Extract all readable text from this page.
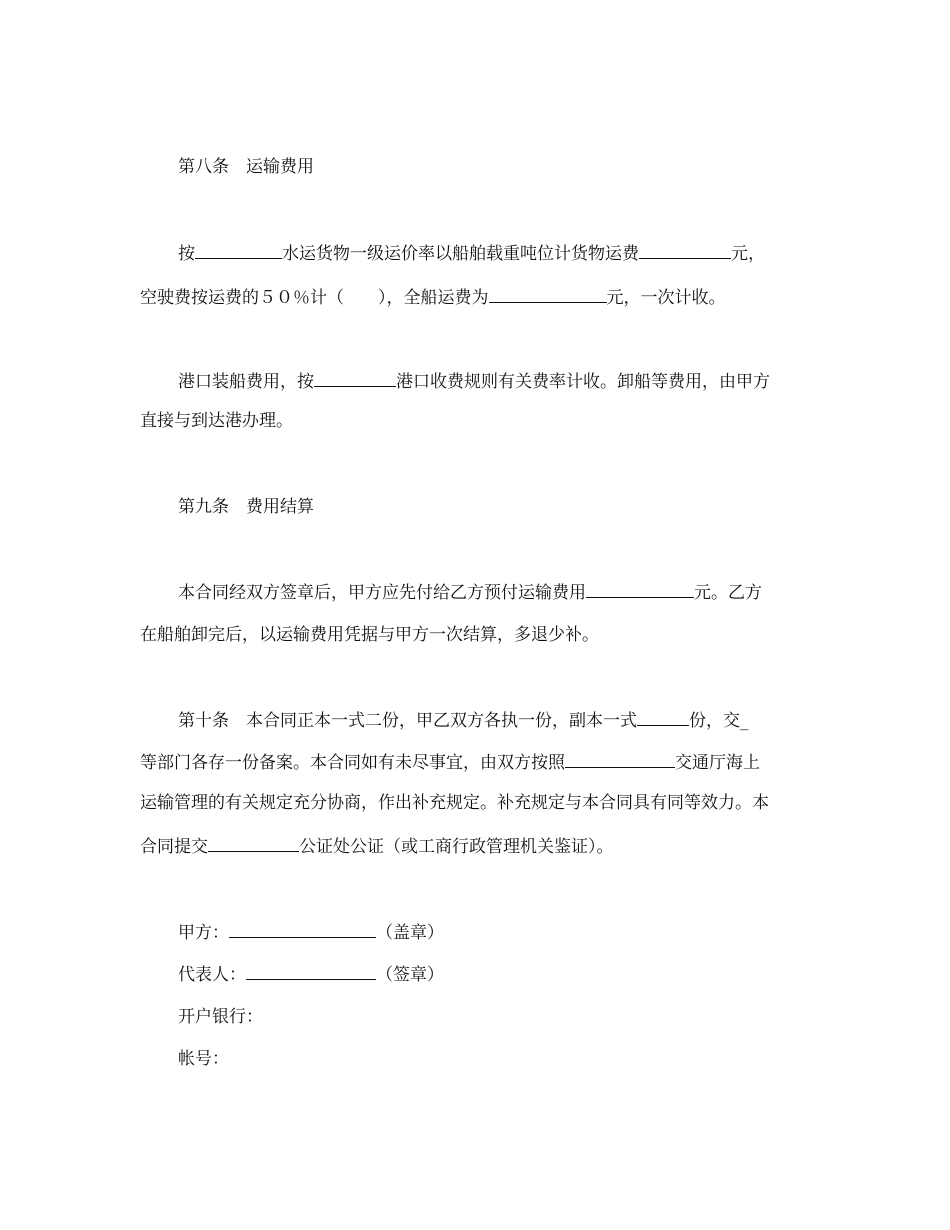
第八条　运输费用
按	水运货物一级运价率以船舶载重吨位计货物运费	元，
空驶费按运费的５０％计（　　），全船运费为	元，一次计收。
港口装船费用，按	港口收费规则有关费率计收。卸船等费用，由甲方
直接与到达港办理。
第九条　费用结算
本合同经双方签章后，甲方应先付给乙方预付运输费用	元。乙方
在船舶卸完后，以运输费用凭据与甲方一次结算，多退少补。
第十条　本合同正本一式二份，甲乙双方各执一份，副本一式	份，交_
等部门各存一份备案。本合同如有未尽事宜，由双方按照	交通厅海上
运输管理的有关规定充分协商，作出补充规定。补充规定与本合同具有同等效力。本
合同提交	公证处公证（或工商行政管理机关鉴证）。
甲方：	（盖章）
代表人：	（签章）
开户银行：
帐号：
